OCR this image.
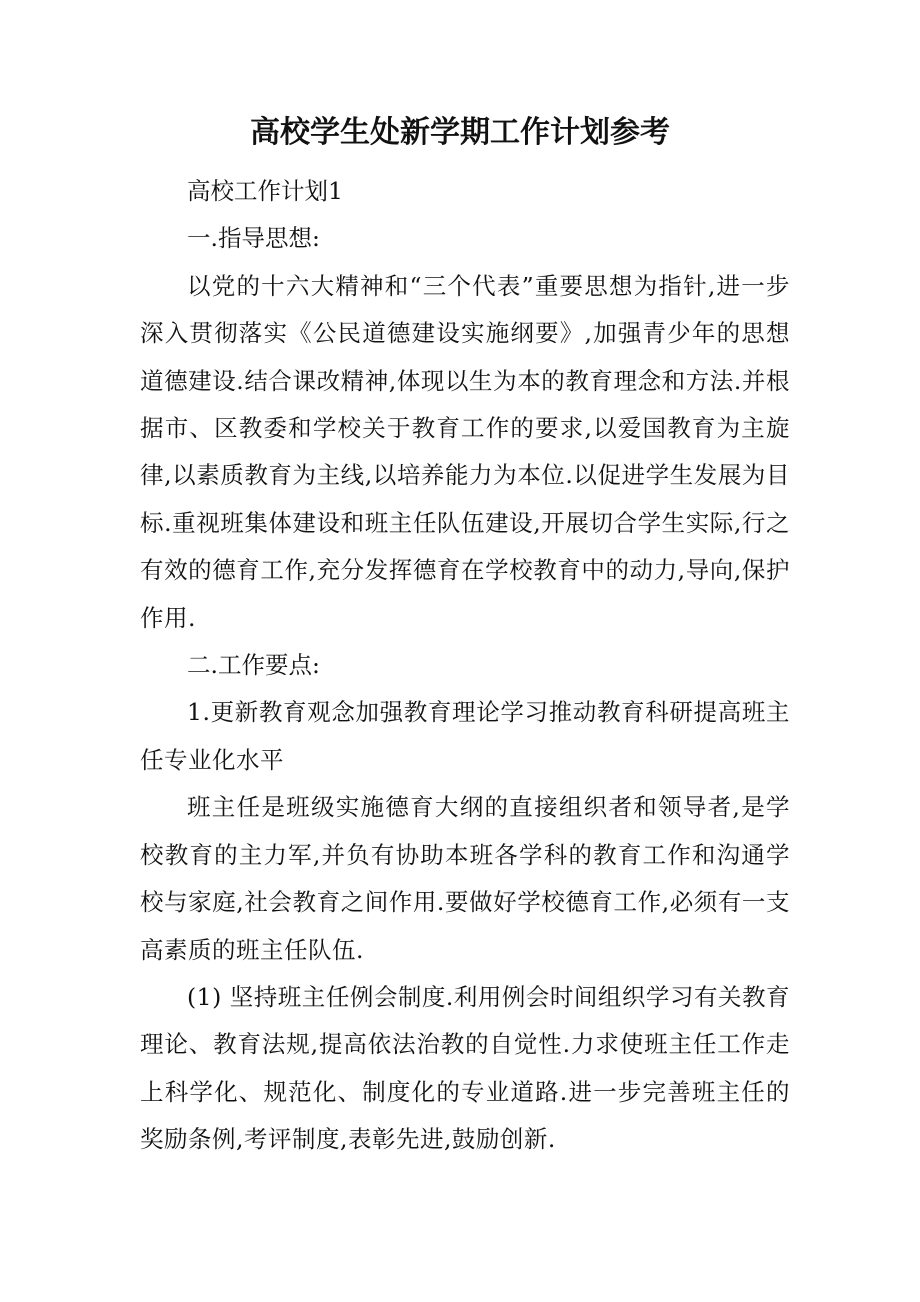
高校学生处新学期工作计划参考

高校工作计划1

一.指导思想:

以党的十六大精神和“三个代表”重要思想为指针,进一步深入贯彻落实《公民道德建设实施纲要》,加强青少年的思想道德建设.结合课改精神,体现以生为本的教育理念和方法.并根据市、区教委和学校关于教育工作的要求,以爱国教育为主旋律,以素质教育为主线,以培养能力为本位.以促进学生发展为目标.重视班集体建设和班主任队伍建设,开展切合学生实际,行之有效的德育工作,充分发挥德育在学校教育中的动力,导向,保护作用.

二.工作要点:

1.更新教育观念加强教育理论学习推动教育科研提高班主任专业化水平

班主任是班级实施德育大纲的直接组织者和领导者,是学校教育的主力军,并负有协助本班各学科的教育工作和沟通学校与家庭,社会教育之间作用.要做好学校德育工作,必须有一支高素质的班主任队伍.

(1) 坚持班主任例会制度.利用例会时间组织学习有关教育理论、教育法规,提高依法治教的自觉性.力求使班主任工作走上科学化、规范化、制度化的专业道路.进一步完善班主任的奖励条例,考评制度,表彰先进,鼓励创新.
